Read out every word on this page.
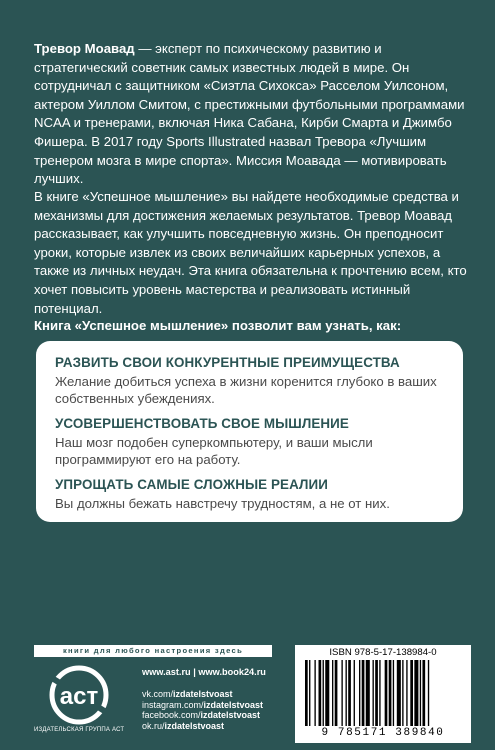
Тревор Моавад — эксперт по психическому развитию и стратегический советник самых известных людей в мире. Он сотрудничал с защитником «Сиэтла Сихокса» Расселом Уилсоном, актером Уиллом Смитом, с престижными футбольными программами NCAA и тренерами, включая Ника Сабана, Кирби Смарта и Джимбо Фишера. В 2017 году Sports Illustrated назвал Тревора «Лучшим тренером мозга в мире спорта». Миссия Моавада — мотивировать лучших.

В книге «Успешное мышление» вы найдете необходимые средства и механизмы для достижения желаемых результатов. Тревор Моавад рассказывает, как улучшить повседневную жизнь. Он преподносит уроки, которые извлек из своих величайших карьерных успехов, а также из личных неудач. Эта книга обязательна к прочтению всем, кто хочет повысить уровень мастерства и реализовать истинный потенциал.

Книга «Успешное мышление» позволит вам узнать, как:

РАЗВИТЬ СВОИ КОНКУРЕНТНЫЕ ПРЕИМУЩЕСТВА

Желание добиться успеха в жизни коренится глубоко в ваших собственных убеждениях.

УСОВЕРШЕНСТВОВАТЬ СВОЕ МЫШЛЕНИЕ

Наш мозг подобен суперкомпьютеру, и ваши мысли программируют его на работу.

УПРОЩАТЬ САМЫЕ СЛОЖНЫЕ РЕАЛИИ

Вы должны бежать навстречу трудностям, а не от них.

книги для любого настроения здесь
аст
ИЗДАТЕЛЬСКАЯ ГРУППА АСТ
www.ast.ru | www.book24.ru
vk.com/izdatelstvoast
instagram.com/izdatelstvoast
facebook.com/izdatelstvoast
ok.ru/izdatelstvoast
ISBN 978-5-17-138984-0
9 785171 389840
